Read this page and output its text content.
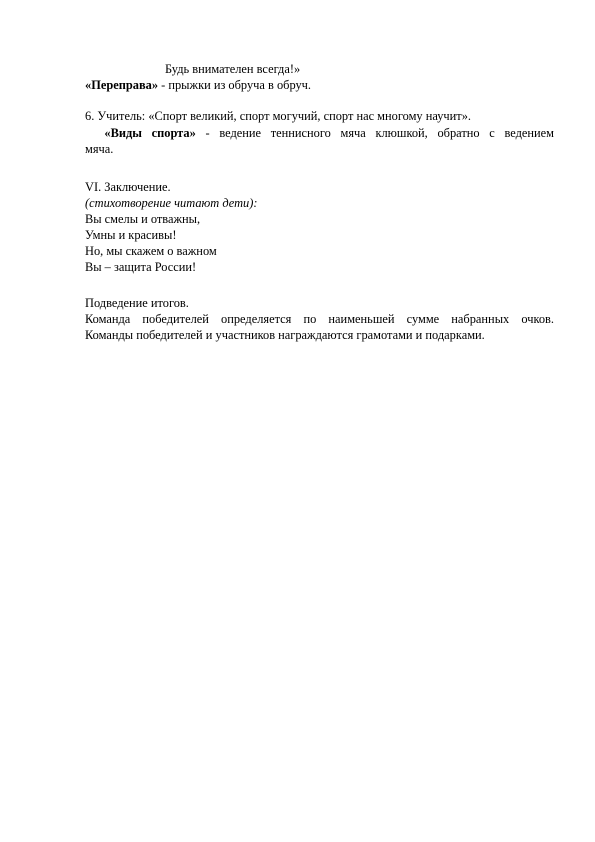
Будь внимателен всегда!»
«Переправа» - прыжки из обруча в обруч.
6. Учитель: «Спорт великий, спорт могучий, спорт нас многому научит».
«Виды спорта» - ведение теннисного мяча клюшкой, обратно с ведением
мяча.
VI. Заключение.
(стихотворение читают дети):
Вы смелы и отважны,
Умны и красивы!
Но, мы скажем о важном
Вы – защита России!
Подведение итогов.
Команда победителей определяется по наименьшей сумме набранных очков.
Команды победителей и участников награждаются грамотами и подарками.
